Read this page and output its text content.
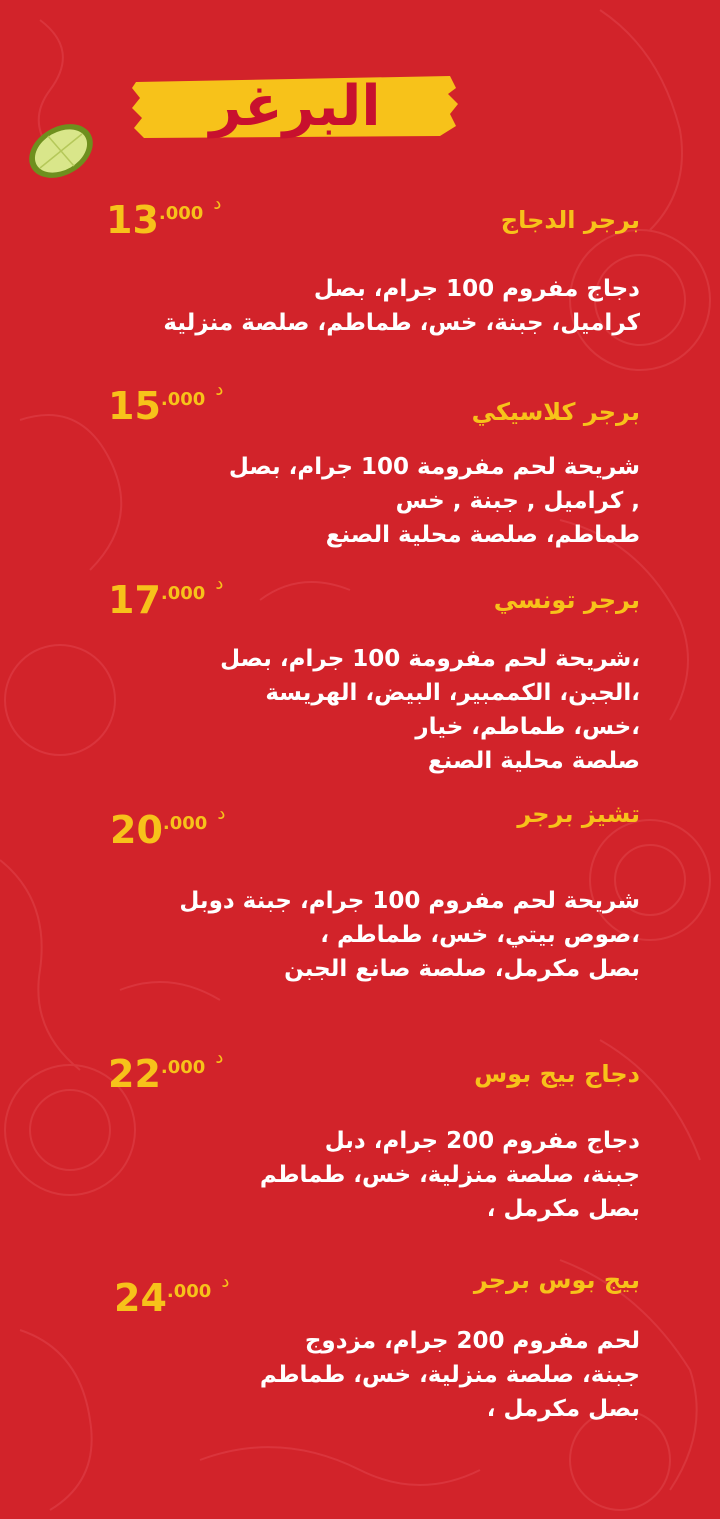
البرغر
برجر الدجاج
13.000 د
دجاج مفروم 100 جرام، بصل
كراميل، جبنة، خس، طماطم، صلصة منزلية
برجر كلاسيكي
15.000 د
شريحة لحم مفرومة 100 جرام، بصل
, كراميل , جبنة , خس
طماطم، صلصة محلية الصنع
برجر تونسي
17.000 د
،شريحة لحم مفرومة 100 جرام، بصل
،الجبن، الكممبير، البيض، الهريسة
،خس، طماطم، خيار
صلصة محلية الصنع
تشيز برجر
20.000 د
شريحة لحم مفروم 100 جرام، جبنة دوبل
،صوص بيتي، خس، طماطم ،
بصل مكرمل، صلصة صانع الجبن
دجاج بيج بوس
22.000 د
دجاج مفروم 200 جرام، دبل
جبنة، صلصة منزلية، خس، طماطم
بصل مكرمل ،
بيج بوس برجر
24.000 د
لحم مفروم 200 جرام، مزدوج
جبنة، صلصة منزلية، خس، طماطم
بصل مكرمل ،
